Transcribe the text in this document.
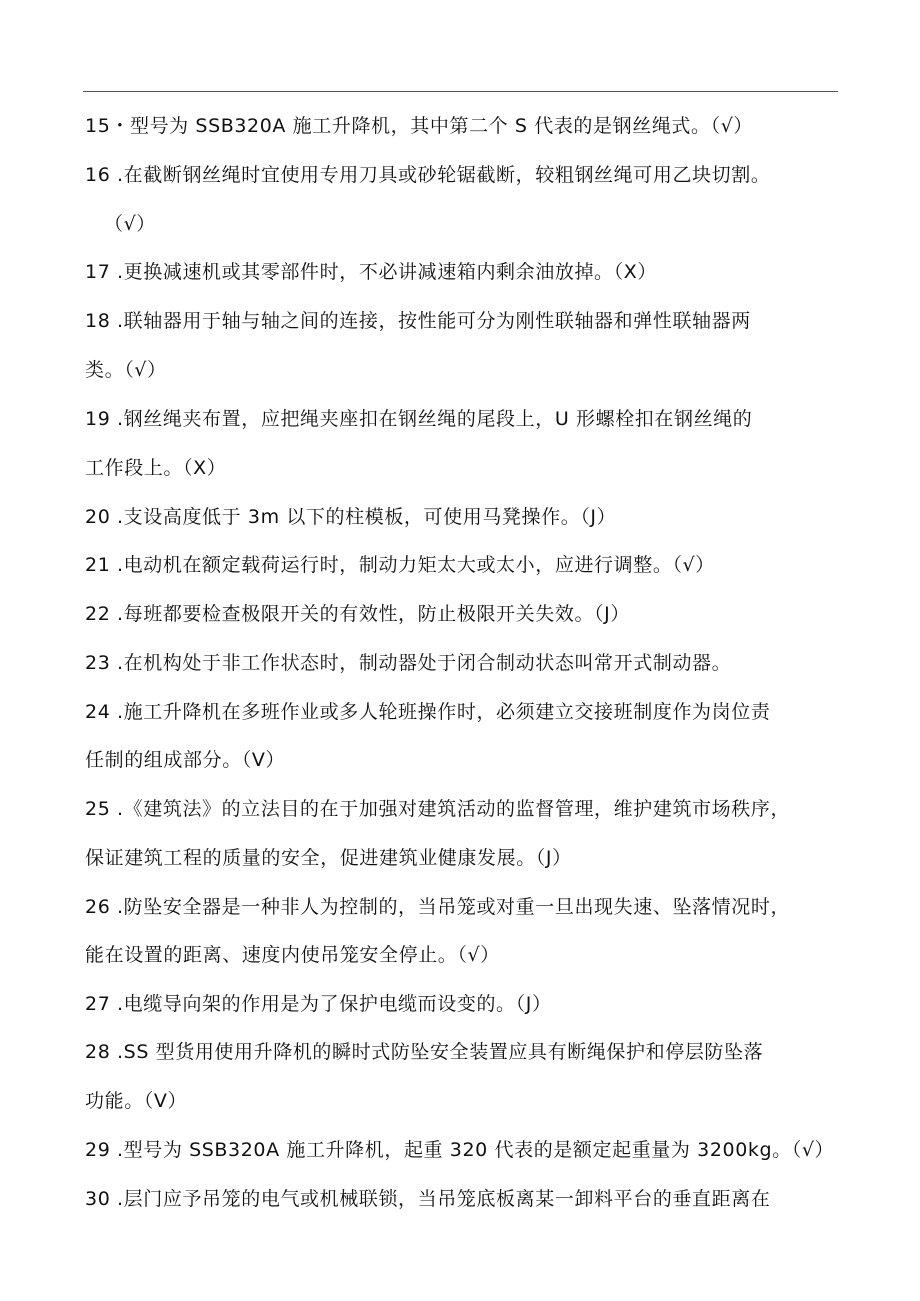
15・型号为 SSB320A 施工升降机，其中第二个 S 代表的是钢丝绳式。（√）
16 .在截断钢丝绳时宜使用专用刀具或砂轮锯截断，较粗钢丝绳可用乙块切割。
（√）
17 .更换减速机或其零部件时，不必讲减速箱内剩余油放掉。（X）
18 .联轴器用于轴与轴之间的连接，按性能可分为刚性联轴器和弹性联轴器两
类。（√）
19 .钢丝绳夹布置，应把绳夹座扣在钢丝绳的尾段上，U 形螺栓扣在钢丝绳的
工作段上。（X）
20 .支设高度低于 3m 以下的柱模板，可使用马凳操作。（J）
21 .电动机在额定载荷运行时，制动力矩太大或太小，应进行调整。（√）
22 .每班都要检查极限开关的有效性，防止极限开关失效。（J）
23 .在机构处于非工作状态时，制动器处于闭合制动状态叫常开式制动器。
24 .施工升降机在多班作业或多人轮班操作时，必须建立交接班制度作为岗位责
任制的组成部分。（V）
25 .《建筑法》的立法目的在于加强对建筑活动的监督管理，维护建筑市场秩序，
保证建筑工程的质量的安全，促进建筑业健康发展。（J）
26 .防坠安全器是一种非人为控制的，当吊笼或对重一旦出现失速、坠落情况时，
能在设置的距离、速度内使吊笼安全停止。（√）
27 .电缆导向架的作用是为了保护电缆而设变的。（J）
28 .SS 型货用使用升降机的瞬时式防坠安全装置应具有断绳保护和停层防坠落
功能。（V）
29 .型号为 SSB320A 施工升降机，起重 320 代表的是额定起重量为 3200kg。（√）
30 .层门应予吊笼的电气或机械联锁，当吊笼底板离某一卸料平台的垂直距离在
